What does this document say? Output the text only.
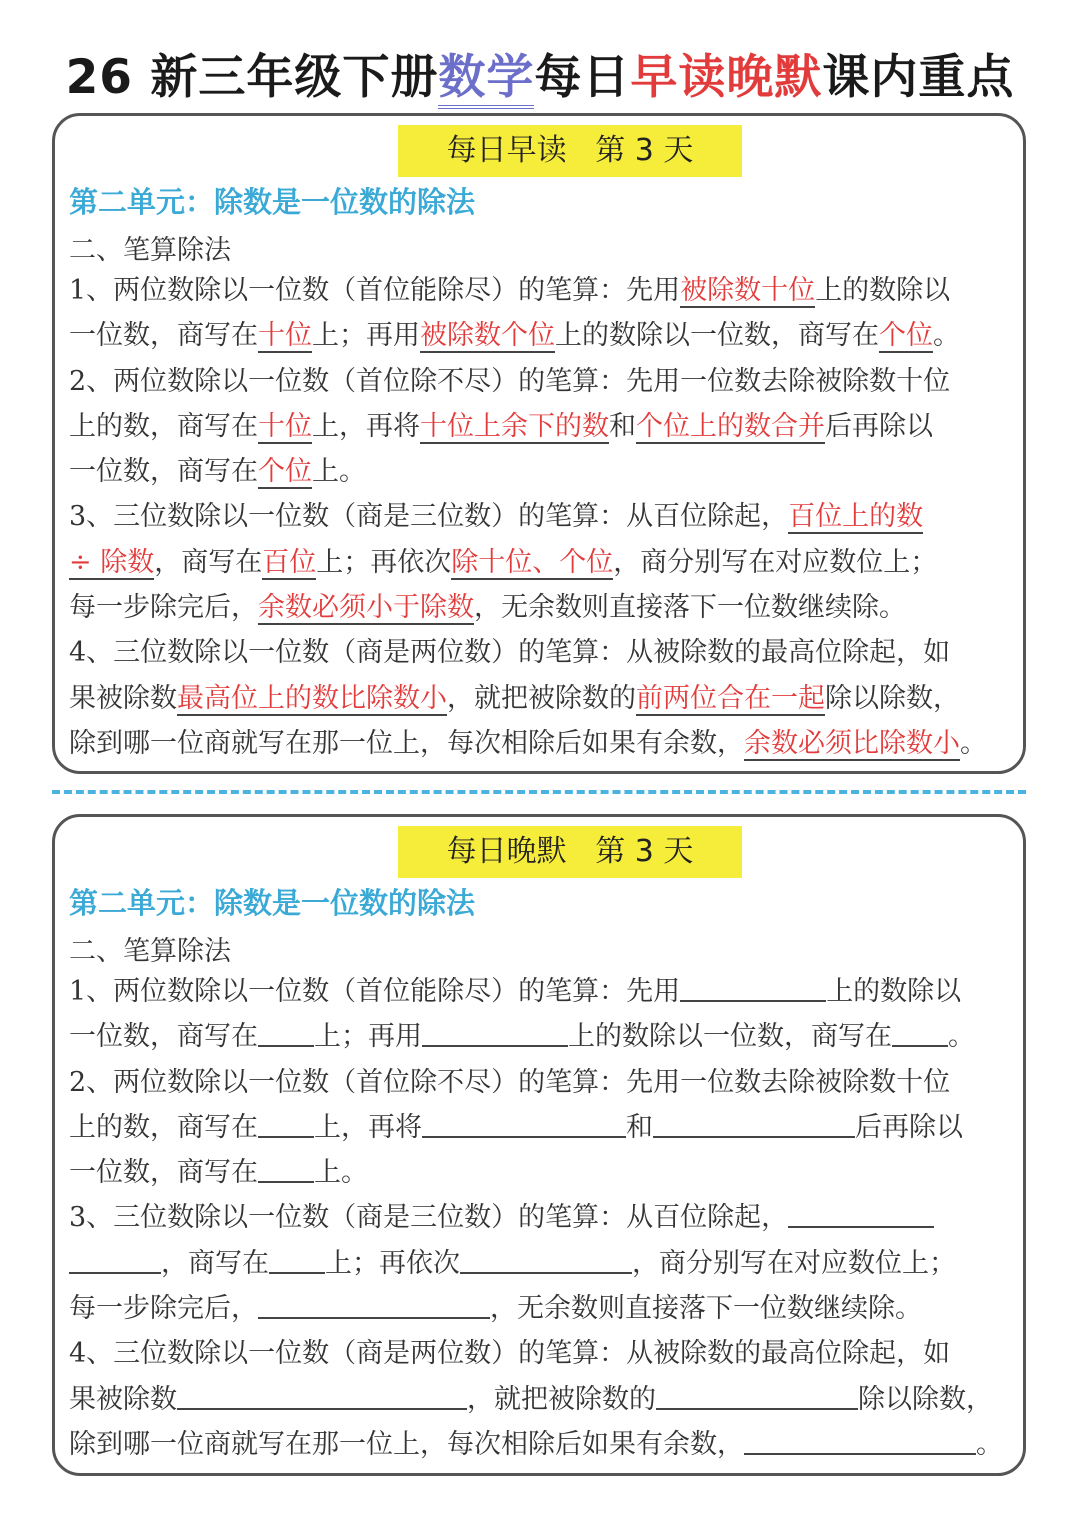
26 新三年级下册数学每日早读晚默课内重点
每日早读   第 3 天
第二单元：除数是一位数的除法
二、笔算除法
1、两位数除以一位数（首位能除尽）的笔算：先用被除数十位上的数除以
一位数，商写在十位上；再用被除数个位上的数除以一位数，商写在个位。
2、两位数除以一位数（首位除不尽）的笔算：先用一位数去除被除数十位
上的数，商写在十位上，再将十位上余下的数和个位上的数合并后再除以
一位数，商写在个位上。
3、三位数除以一位数（商是三位数）的笔算：从百位除起，百位上的数
÷ 除数，商写在百位上；再依次除十位、个位，商分别写在对应数位上；
每一步除完后，余数必须小于除数，无余数则直接落下一位数继续除。
4、三位数除以一位数（商是两位数）的笔算：从被除数的最高位除起，如
果被除数最高位上的数比除数小，就把被除数的前两位合在一起除以除数，
除到哪一位商就写在那一位上，每次相除后如果有余数，余数必须比除数小。
每日晚默   第 3 天
第二单元：除数是一位数的除法
二、笔算除法
1、两位数除以一位数（首位能除尽）的笔算：先用	上的数除以
一位数，商写在 上；再用	上的数除以一位数，商写在 。
2、两位数除以一位数（首位除不尽）的笔算：先用一位数去除被除数十位
上的数，商写在 上，再将	和	后再除以
一位数，商写在 上。
3、三位数除以一位数（商是三位数）的笔算：从百位除起，
，商写在 上；再依次	，商分别写在对应数位上；
每一步除完后，	，无余数则直接落下一位数继续除。
4、三位数除以一位数（商是两位数）的笔算：从被除数的最高位除起，如
果被除数	，就把被除数的	除以除数，
除到哪一位商就写在那一位上，每次相除后如果有余数，	。
